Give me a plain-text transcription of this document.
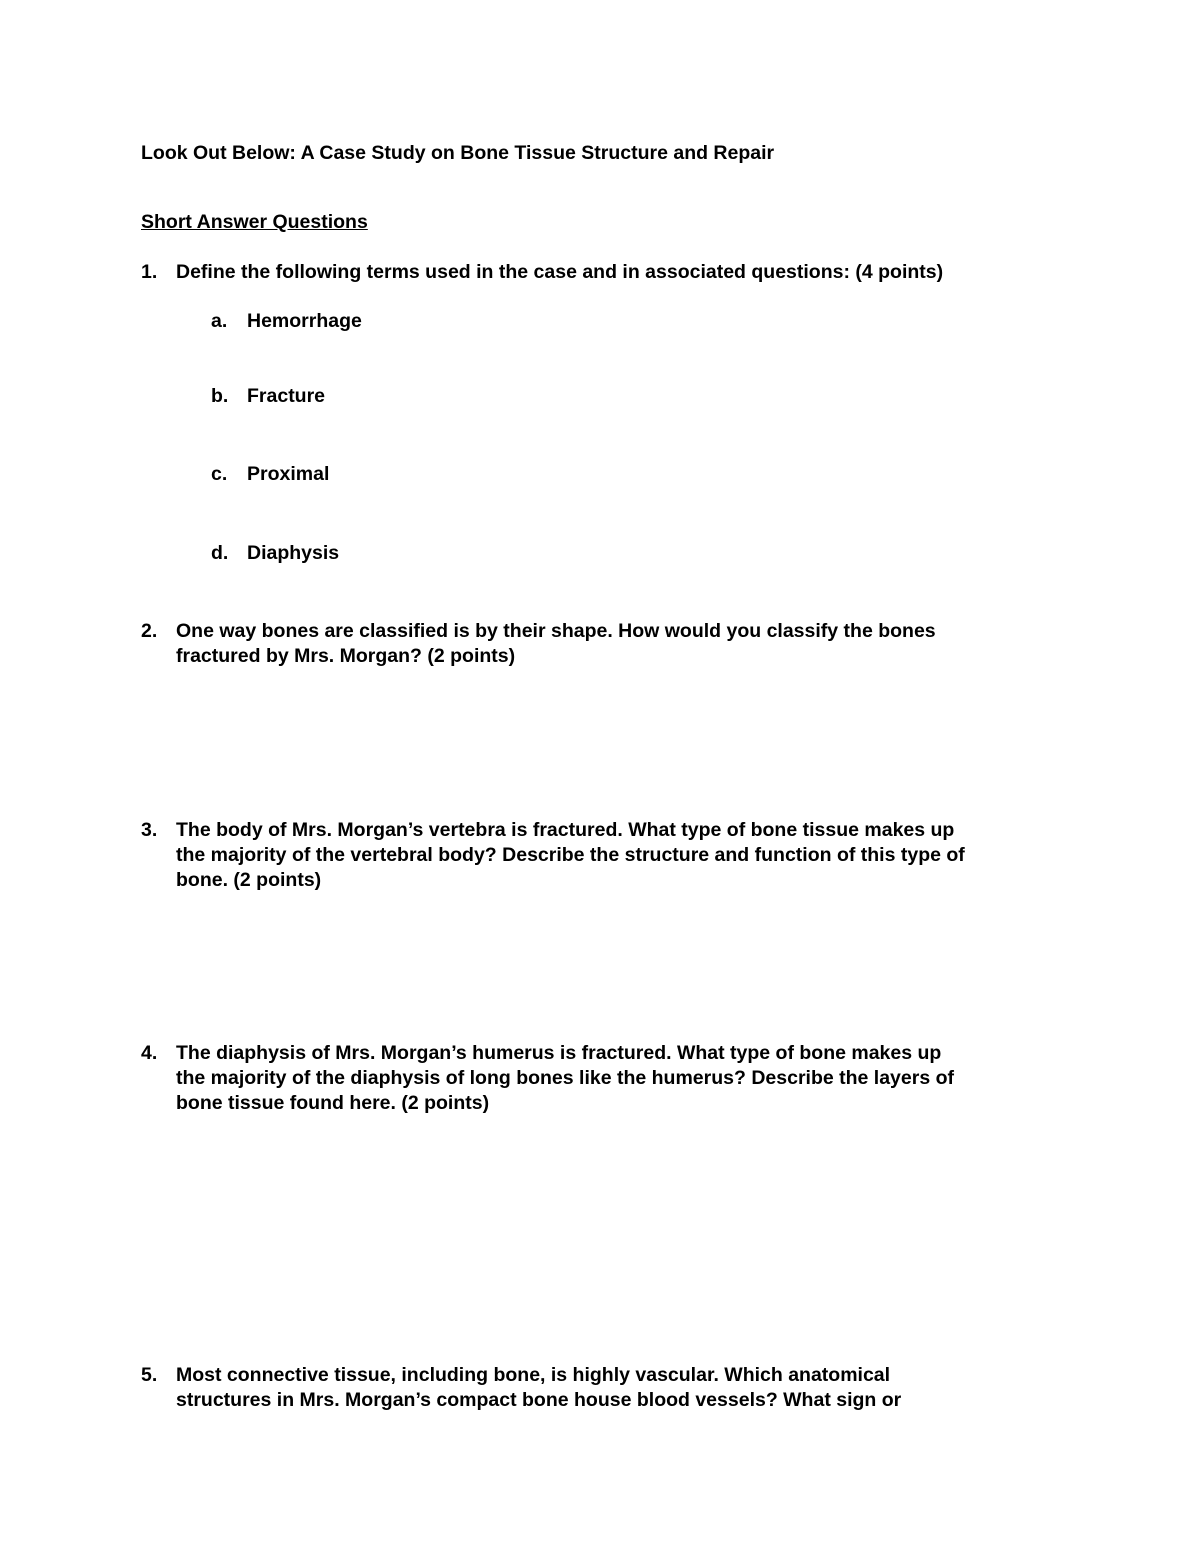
Look Out Below: A Case Study on Bone Tissue Structure and Repair
Short Answer Questions
1. Define the following terms used in the case and in associated questions: (4 points)
a. Hemorrhage
b. Fracture
c. Proximal
d. Diaphysis
2. One way bones are classified is by their shape. How would you classify the bones
fractured by Mrs. Morgan? (2 points)
3. The body of Mrs. Morgan’s vertebra is fractured. What type of bone tissue makes up
the majority of the vertebral body? Describe the structure and function of this type of
bone. (2 points)
4. The diaphysis of Mrs. Morgan’s humerus is fractured. What type of bone makes up
the majority of the diaphysis of long bones like the humerus? Describe the layers of
bone tissue found here. (2 points)
5. Most connective tissue, including bone, is highly vascular. Which anatomical
structures in Mrs. Morgan’s compact bone house blood vessels? What sign or
